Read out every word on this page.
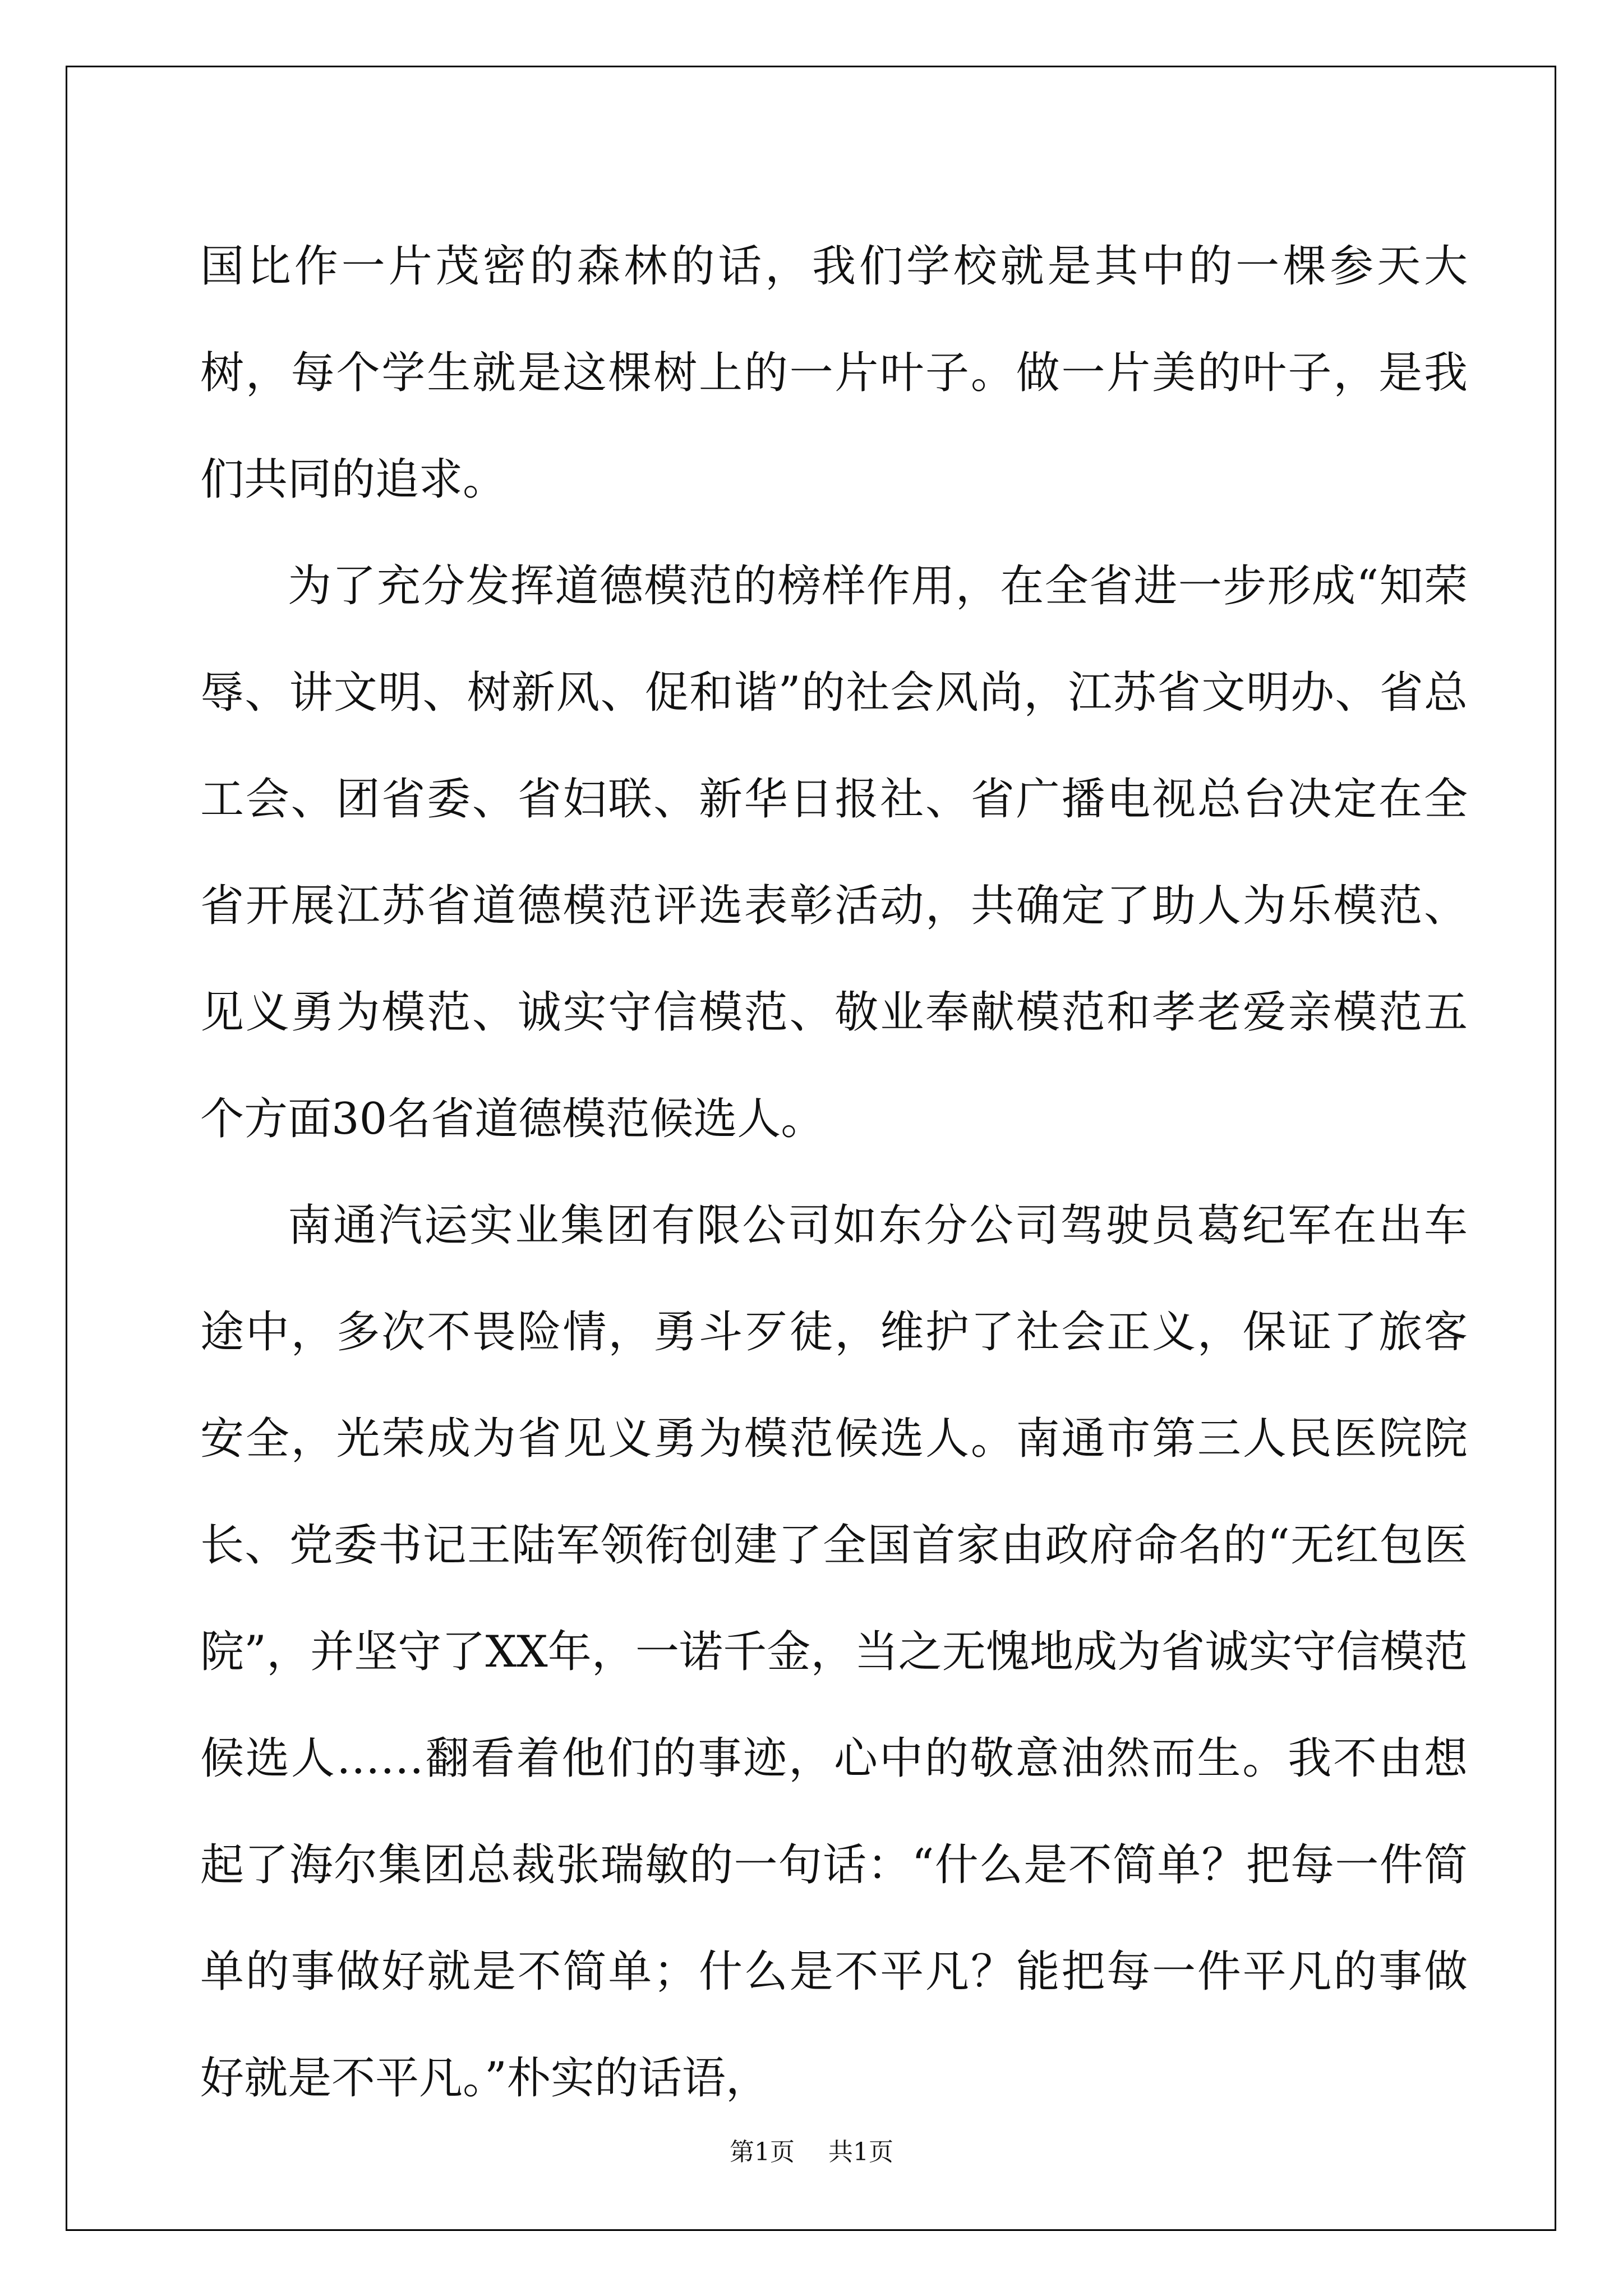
国比作一片茂密的森林的话，我们学校就是其中的一棵参天大树，每个学生就是这棵树上的一片叶子。做一片美的叶子，是我们共同的追求。

为了充分发挥道德模范的榜样作用，在全省进一步形成“知荣辱、讲文明、树新风、促和谐”的社会风尚，江苏省文明办、省总工会、团省委、省妇联、新华日报社、省广播电视总台决定在全省开展江苏省道德模范评选表彰活动，共确定了助人为乐模范、见义勇为模范、诚实守信模范、敬业奉献模范和孝老爱亲模范五个方面30名省道德模范候选人。

南通汽运实业集团有限公司如东分公司驾驶员葛纪军在出车途中，多次不畏险情，勇斗歹徒，维护了社会正义，保证了旅客安全，光荣成为省见义勇为模范候选人。南通市第三人民医院院长、党委书记王陆军领衔创建了全国首家由政府命名的“无红包医院”，并坚守了XX年，一诺千金，当之无愧地成为省诚实守信模范候选人……翻看着他们的事迹，心中的敬意油然而生。我不由想起了海尔集团总裁张瑞敏的一句话：“什么是不简单？把每一件简单的事做好就是不简单；什么是不平凡？能把每一件平凡的事做好就是不平凡。”朴实的话语，

第1页 共1页
